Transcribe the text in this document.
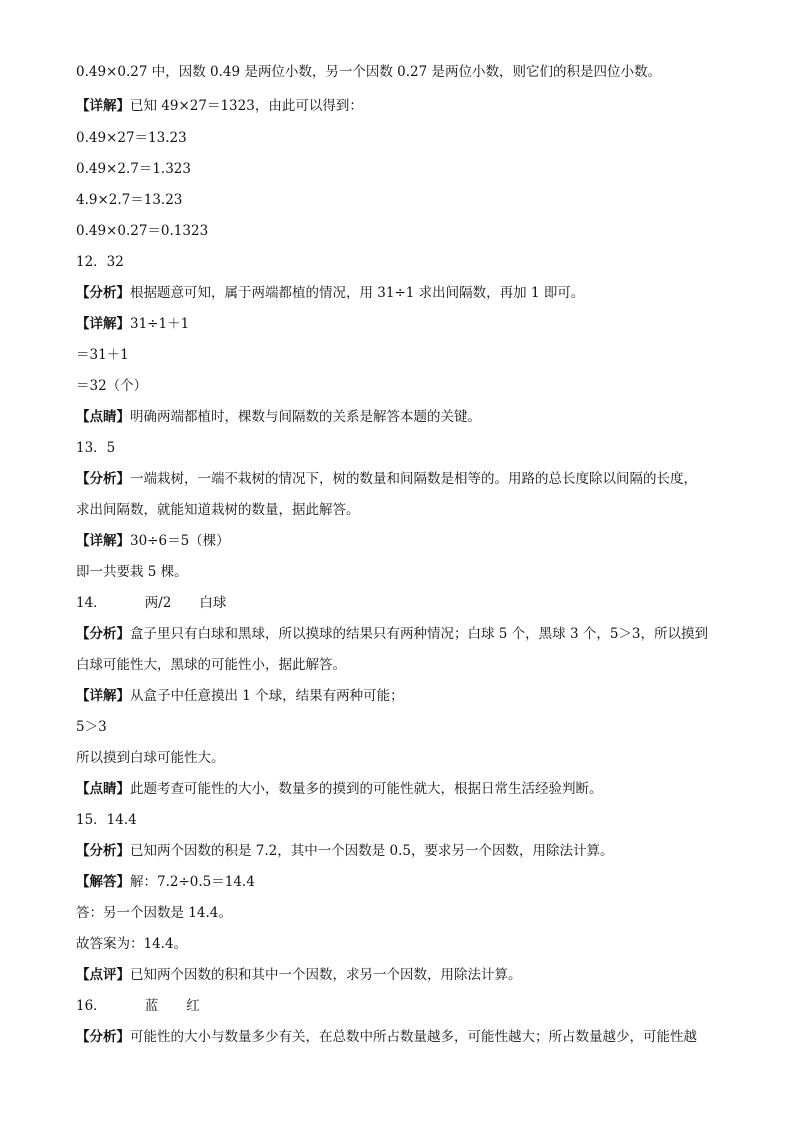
0.49×0.27 中，因数 0.49 是两位小数，另一个因数 0.27 是两位小数，则它们的积是四位小数。
【详解】已知 49×27＝1323，由此可以得到：
0.49×27＝13.23
0.49×2.7＝1.323
4.9×2.7＝13.23
0.49×0.27＝0.1323
12．32
【分析】根据题意可知，属于两端都植的情况，用 31÷1 求出间隔数，再加 1 即可。
【详解】31÷1＋1
＝31＋1
＝32（个）
【点睛】明确两端都植时，棵数与间隔数的关系是解答本题的关键。
13．5
【分析】一端栽树，一端不栽树的情况下，树的数量和间隔数是相等的。用路的总长度除以间隔的长度，
求出间隔数，就能知道栽树的数量，据此解答。
【详解】30÷6＝5（棵）
即一共要栽 5 棵。
14．	两/2 白球
【分析】盒子里只有白球和黑球，所以摸球的结果只有两种情况；白球 5 个，黑球 3 个，5＞3，所以摸到
白球可能性大，黑球的可能性小，据此解答。
【详解】从盒子中任意摸出 1 个球，结果有两种可能；
5＞3
所以摸到白球可能性大。
【点睛】此题考查可能性的大小，数量多的摸到的可能性就大，根据日常生活经验判断。
15．14.4
【分析】已知两个因数的积是 7.2，其中一个因数是 0.5，要求另一个因数，用除法计算。
【解答】解：7.2÷0.5＝14.4
答：另一个因数是 14.4。
故答案为：14.4。
【点评】已知两个因数的积和其中一个因数，求另一个因数，用除法计算。
16．	蓝 红
【分析】可能性的大小与数量多少有关，在总数中所占数量越多，可能性越大；所占数量越少，可能性越
